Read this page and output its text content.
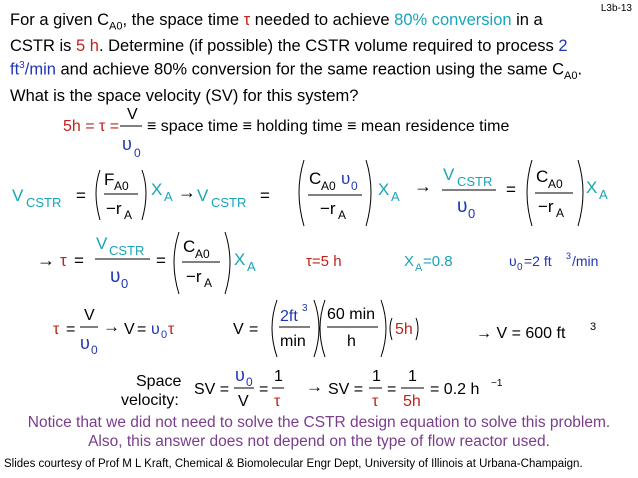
L3b-13
For a given $C_{A0}$, the space time τ needed to achieve 80% conversion in a
CSTR is 5 h. Determine (if possible) the CSTR volume required to process 2
$ft^3/\min$ and achieve 80% conversion for the same reaction using the same $C_{A0}$.
What is the space velocity (SV) for this system?
5h = τ =
V
υ 0
≡ space time ≡ holding time ≡ mean residence time
V CSTR =
F A0
−r A
X A → V CSTR =
C A0 υ 0
−r A
X A
→
V CSTR
υ 0
=
C A0
−r A
X A
→ τ =
V CSTR
υ 0
=
C A0
−r A
X A	τ=5 h	X A =0.8	υ 0 =2 ft 3 /min
τ =
V
υ 0
→ V = υ 0 τ	V =
2ft 3
min
60 min
h
5h	→ V = 600 ft 3
Space
velocity:
SV =
υ 0
V
=
1
τ
→ SV =
1
τ
=
1
5h
= 0.2 h −1
Notice that we did not need to solve the CSTR design equation to solve this problem.
Also, this answer does not depend on the type of flow reactor used.
Slides courtesy of Prof M L Kraft, Chemical & Biomolecular Engr Dept, University of Illinois at Urbana-Champaign.
